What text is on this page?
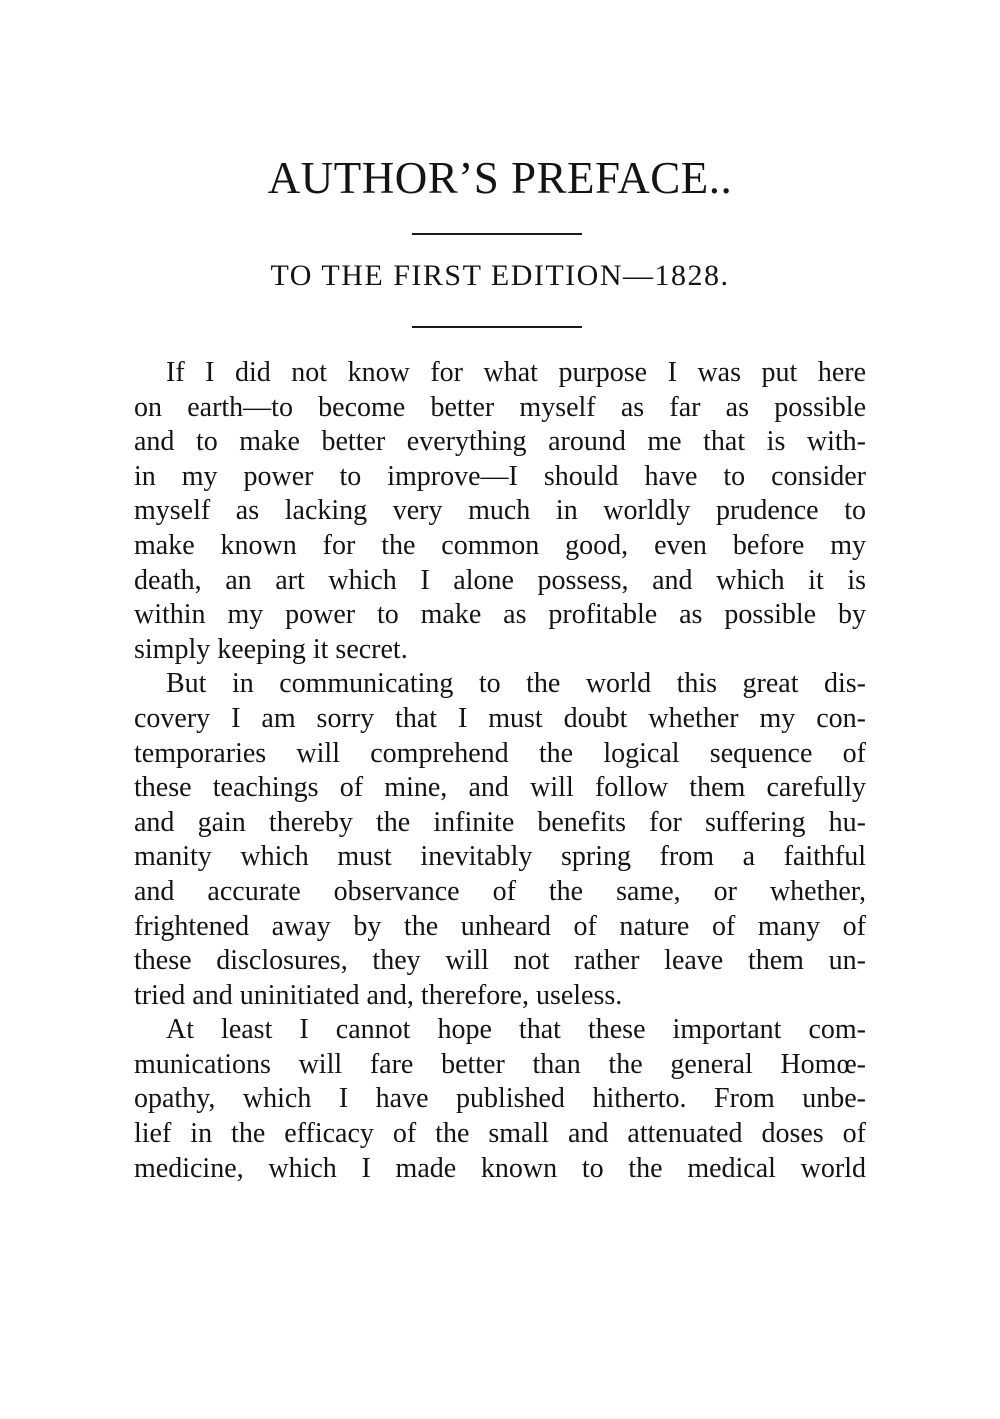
AUTHOR’S PREFACE..
TO THE FIRST EDITION—1828.
If I did not know for what purpose I was put here
on earth—to become better myself as far as possible
and to make better everything around me that is with-
in my power to improve—I should have to consider
myself as lacking very much in worldly prudence to
make known for the common good, even before my
death, an art which I alone possess, and which it is
within my power to make as profitable as possible by
simply keeping it secret.
But in communicating to the world this great dis-
covery I am sorry that I must doubt whether my con-
temporaries will comprehend the logical sequence of
these teachings of mine, and will follow them carefully
and gain thereby the infinite benefits for suffering hu-
manity which must inevitably spring from a faithful
and accurate observance of the same, or whether,
frightened away by the unheard of nature of many of
these disclosures, they will not rather leave them un-
tried and uninitiated and, therefore, useless.
At least I cannot hope that these important com-
munications will fare better than the general Homœ-
opathy, which I have published hitherto. From unbe-
lief in the efficacy of the small and attenuated doses of
medicine, which I made known to the medical world
